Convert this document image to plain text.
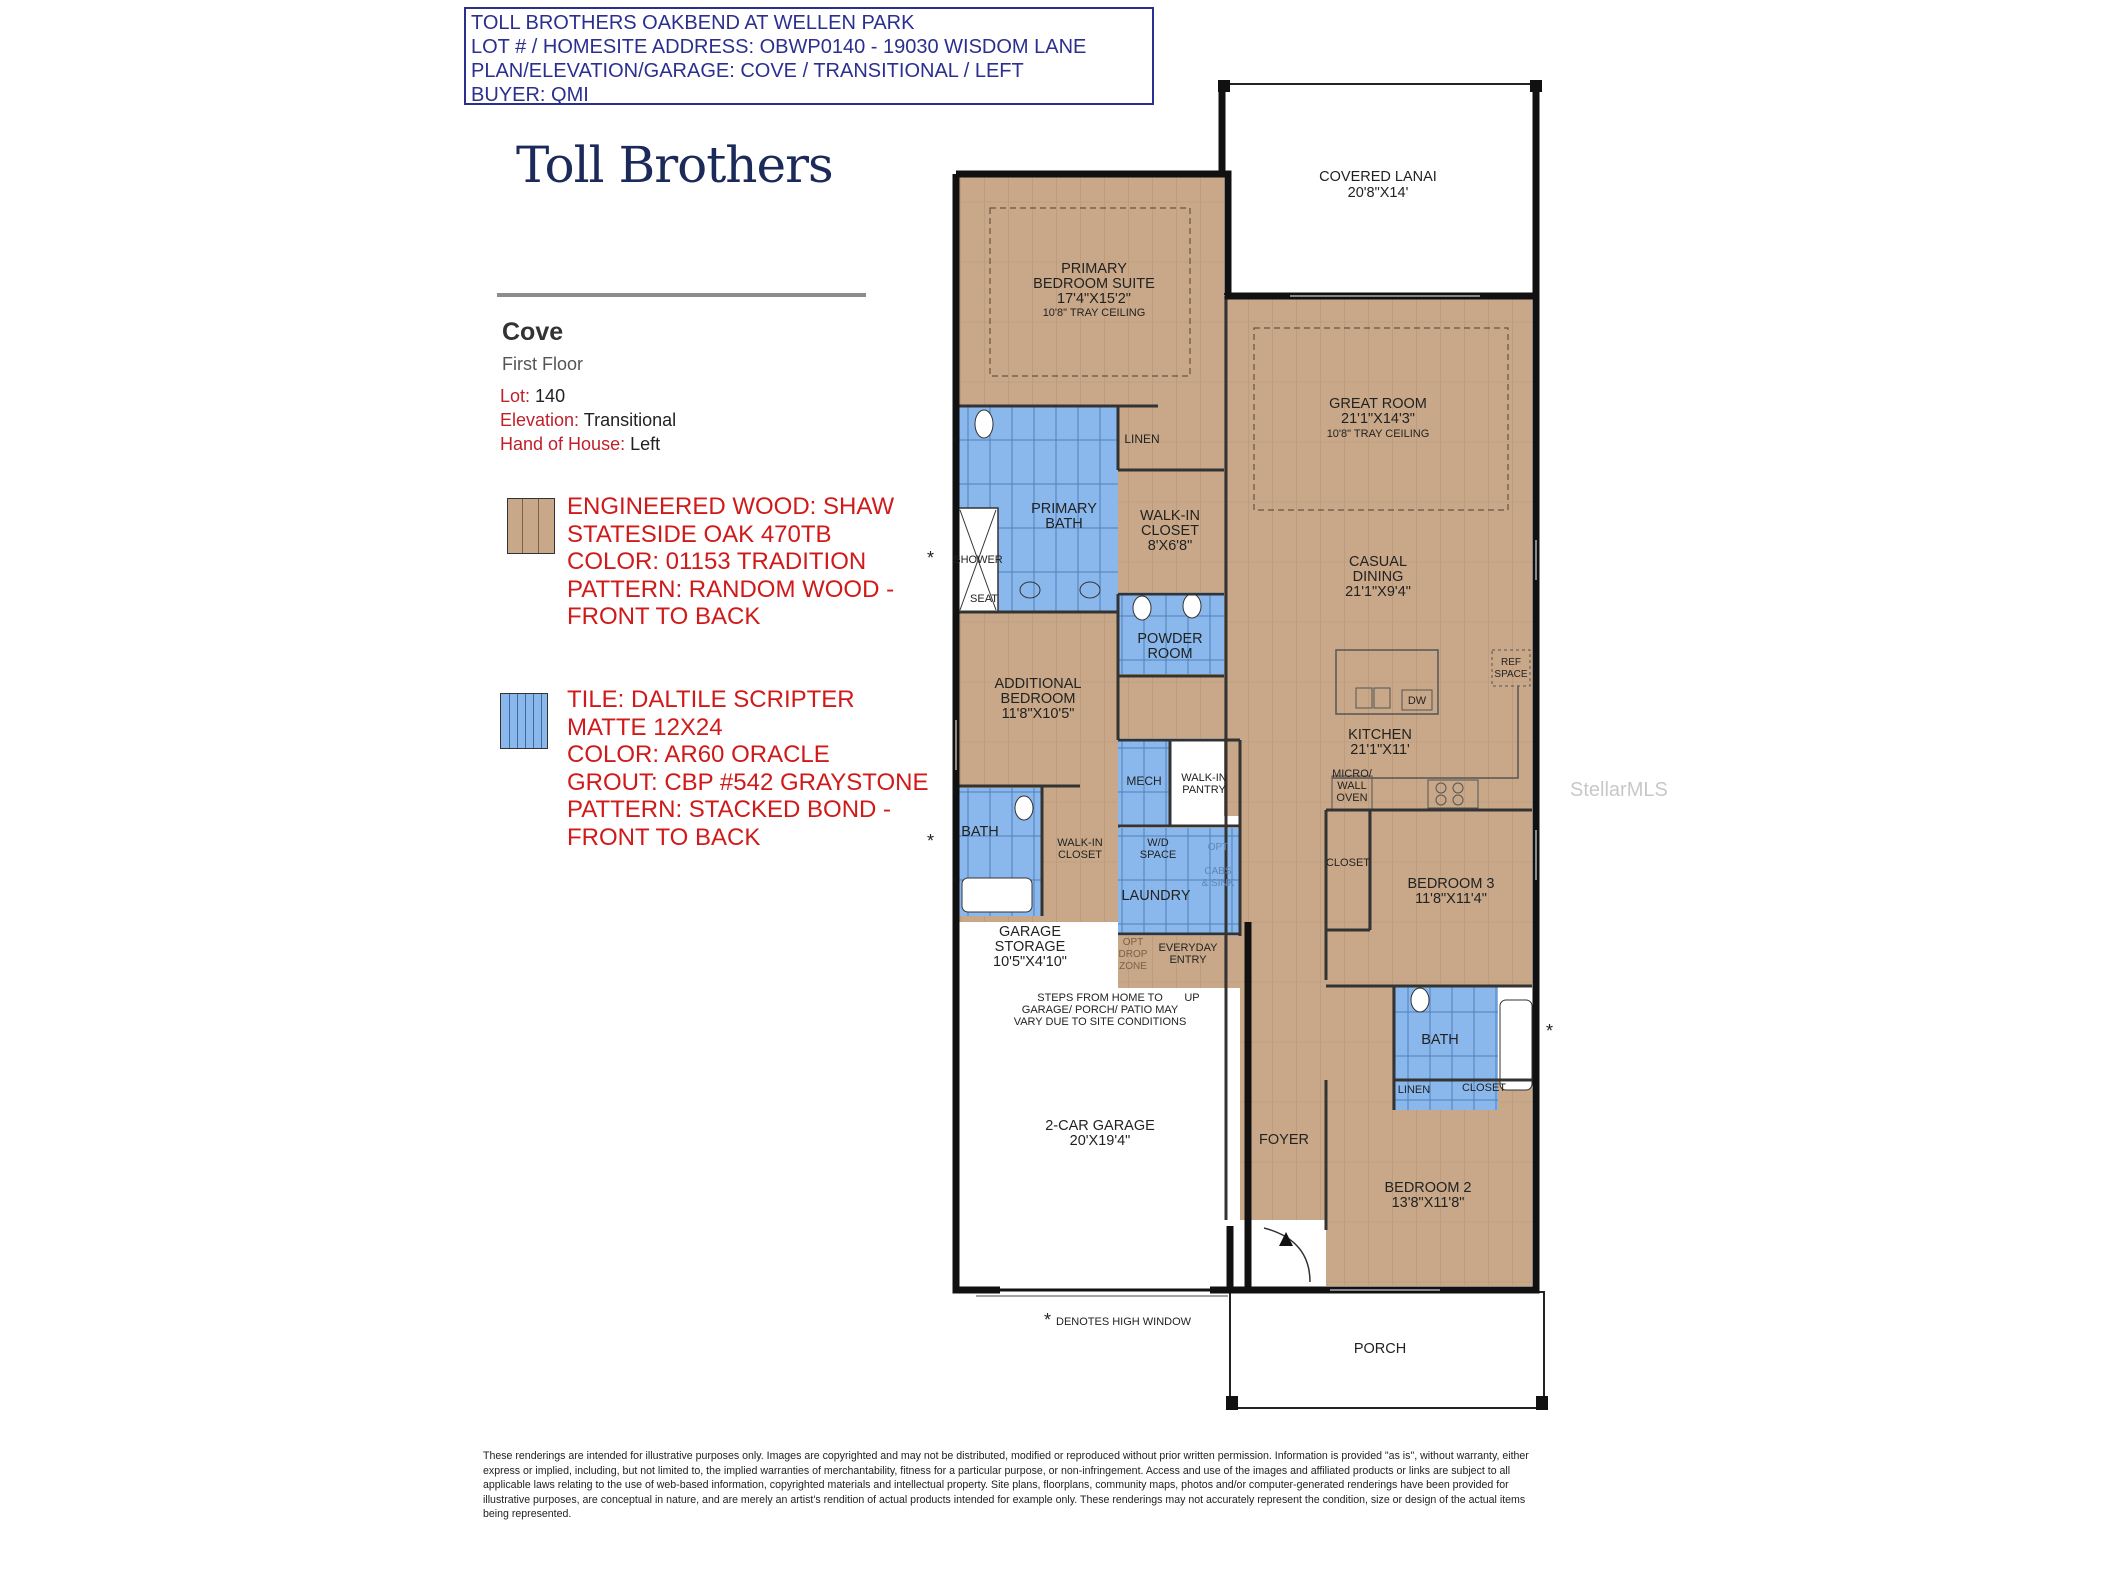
TOLL BROTHERS OAKBEND AT WELLEN PARK
LOT # / HOMESITE ADDRESS: OBWP0140 - 19030 WISDOM LANE
PLAN/ELEVATION/GARAGE: COVE / TRANSITIONAL / LEFT
BUYER: QMI
Toll Brothers
Cove
First Floor
Lot: 140
Elevation: Transitional
Hand of House: Left
ENGINEERED WOOD: SHAW
STATESIDE OAK 470TB
COLOR: 01153 TRADITION
PATTERN: RANDOM WOOD -
FRONT TO BACK
TILE: DALTILE SCRIPTER
MATTE 12X24
COLOR: AR60 ORACLE
GROUT: CBP #542 GRAYSTONE
PATTERN: STACKED BOND -
FRONT TO BACK
COVERED LANAI
20'8"X14'
PRIMARY
BEDROOM SUITE
17'4"X15'2"
10'8" TRAY CEILING
GREAT ROOM
21'1"X14'3"
10'8" TRAY CEILING
LINEN
PRIMARY
BATH	WALK-IN
CLOSET
8'X6'8"
SHOWER
SEAT
CASUAL
DINING
21'1"X9'4"
POWDER
ROOM
REF
SPACE
DW
ADDITIONAL
BEDROOM
11'8"X10'5"
KITCHEN
21'1"X11'
MECH WALK-IN
PANTRY
MICRO/
WALL
OVEN
BATH
WALK-IN
CLOSET
W/D
SPACE
OPT
CABS
& SINK
CLOSET
BEDROOM 3
11'8"X11'4"
LAUNDRY
GARAGE
STORAGE
10'5"X4'10"
OPT
DROP
ZONE
EVERYDAY
ENTRY
UP
STEPS FROM HOME TO
GARAGE/ PORCH/ PATIO MAY
VARY DUE TO SITE CONDITIONS
BATH
LINEN	CLOSET
2-CAR GARAGE
20'X19'4"	FOYER
BEDROOM 2
13'8"X11'8"
PORCH
* DENOTES HIGH WINDOW
*
*
*
StellarMLS
These renderings are intended for illustrative purposes only. Images are copyrighted and may not be distributed, modified or reproduced without prior written permission. Information is provided "as is", without warranty, either express or implied, including, but not limited to, the implied warranties of merchantability, fitness for a particular purpose, or non-infringement. Access and use of the images and affiliated products or links are subject to all applicable laws relating to the use of web-based information, copyrighted materials and intellectual property. Site plans, floorplans, community maps, photos and/or computer-generated renderings have been provided for illustrative purposes, are conceptual in nature, and are merely an artist's rendition of actual products intended for example only. These renderings may not accurately represent the condition, size or design of the actual items being represented.
